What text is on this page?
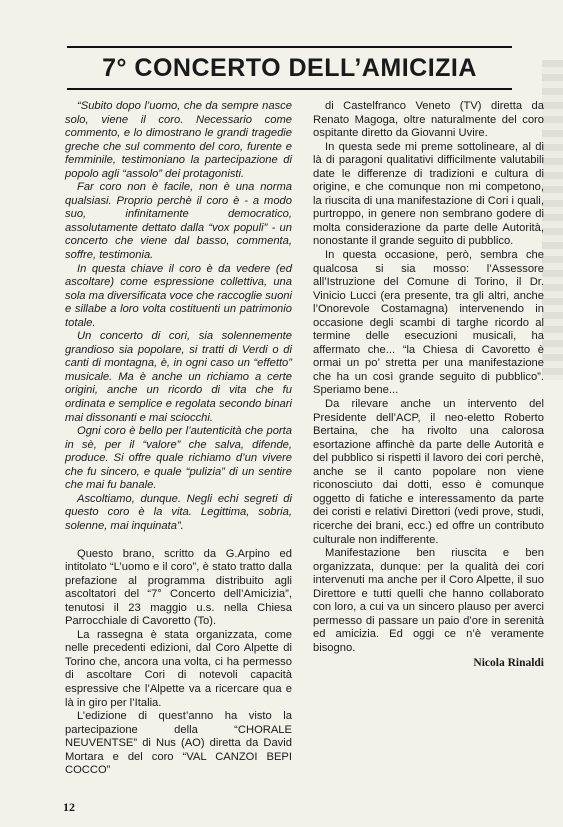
7° CONCERTO DELL’AMICIZIA

“Subito dopo l’uomo, che da sempre nasce solo, viene il coro. Necessario come commento, e lo dimostrano le grandi tragedie greche che sul commento del coro, furente e femminile, testimoniano la partecipazione di popolo agli “assolo” dei protagonisti.

Far coro non è facile, non è una norma qualsiasi. Proprio perchè il coro è - a modo suo, infinitamente democratico, assolutamente dettato dalla “vox populi” - un concerto che viene dal basso, commenta, soffre, testimonia.

In questa chiave il coro è da vedere (ed ascoltare) come espressione collettiva, una sola ma diversificata voce che raccoglie suoni e sillabe a loro volta costituenti un patrimonio totale.

Un concerto di cori, sia solennemente grandioso sia popolare, si tratti di Verdi o di canti di montagna, è, in ogni caso un “effetto” musicale. Ma è anche un richiamo a certe origini, anche un ricordo di vita che fu ordinata e semplice e regolata secondo binari mai dissonanti e mai sciocchi.

Ogni coro è bello per l’autenticità che porta in sè, per il “valore” che salva, difende, produce. Si offre quale richiamo d’un vivere che fu sincero, e quale “pulizia” di un sentire che mai fu banale.

Ascoltiamo, dunque. Negli echi segreti di questo coro è la vita. Legittima, sobria, solenne, mai inquinata”.

Questo brano, scritto da G.Arpino ed intitolato “L’uomo e il coro”, è stato tratto dalla prefazione al programma distribuito agli ascoltatori del “7° Concerto dell’Amicizia”, tenutosi il 23 maggio u.s. nella Chiesa Parrocchiale di Cavoretto (To).

La rassegna è stata organizzata, come nelle precedenti edizioni, dal Coro Alpette di Torino che, ancora una volta, ci ha permesso di ascoltare Cori di notevoli capacità espressive che l’Alpette va a ricercare qua e là in giro per l’Italia.

L’edizione di quest’anno ha visto la partecipazione della “CHORALE NEUVENTSE” di Nus (AO) diretta da David Mortara e del coro “VAL CANZOI BEPI COCCO”

di Castelfranco Veneto (TV) diretta da Renato Magoga, oltre naturalmente del coro ospitante diretto da Giovanni Uvire.

In questa sede mi preme sottolineare, al di là di paragoni qualitativi difficilmente valutabili date le differenze di tradizioni e cultura di origine, e che comunque non mi competono, la riuscita di una manifestazione di Cori i quali, purtroppo, in genere non sembrano godere di molta considerazione da parte delle Autorità, nonostante il grande seguito di pubblico.

In questa occasione, però, sembra che qualcosa si sia mosso: l’Assessore all’Istruzione del Comune di Torino, il Dr. Vinicio Lucci (era presente, tra gli altri, anche l’Onorevole Costamagna) intervenendo in occasione degli scambi di targhe ricordo al termine delle esecuzioni musicali, ha affermato che... “la Chiesa di Cavoretto è ormai un po’ stretta per una manifestazione che ha un così grande seguito di pubblico”. Speriamo bene...

Da rilevare anche un intervento del Presidente dell’ACP, il neo-eletto Roberto Bertaina, che ha rivolto una calorosa esortazione affinchè da parte delle Autorità e del pubblico si rispetti il lavoro dei cori perchè, anche se il canto popolare non viene riconosciuto dai dotti, esso è comunque oggetto di fatiche e interessamento da parte dei coristi e relativi Direttori (vedi prove, studi, ricerche dei brani, ecc.) ed offre un contributo culturale non indifferente.

Manifestazione ben riuscita e ben organizzata, dunque: per la qualità dei cori intervenuti ma anche per il Coro Alpette, il suo Direttore e tutti quelli che hanno collaborato con loro, a cui va un sincero plauso per averci permesso di passare un paio d’ore in serenità ed amicizia. Ed oggi ce n’è veramente bisogno.

Nicola Rinaldi
12
